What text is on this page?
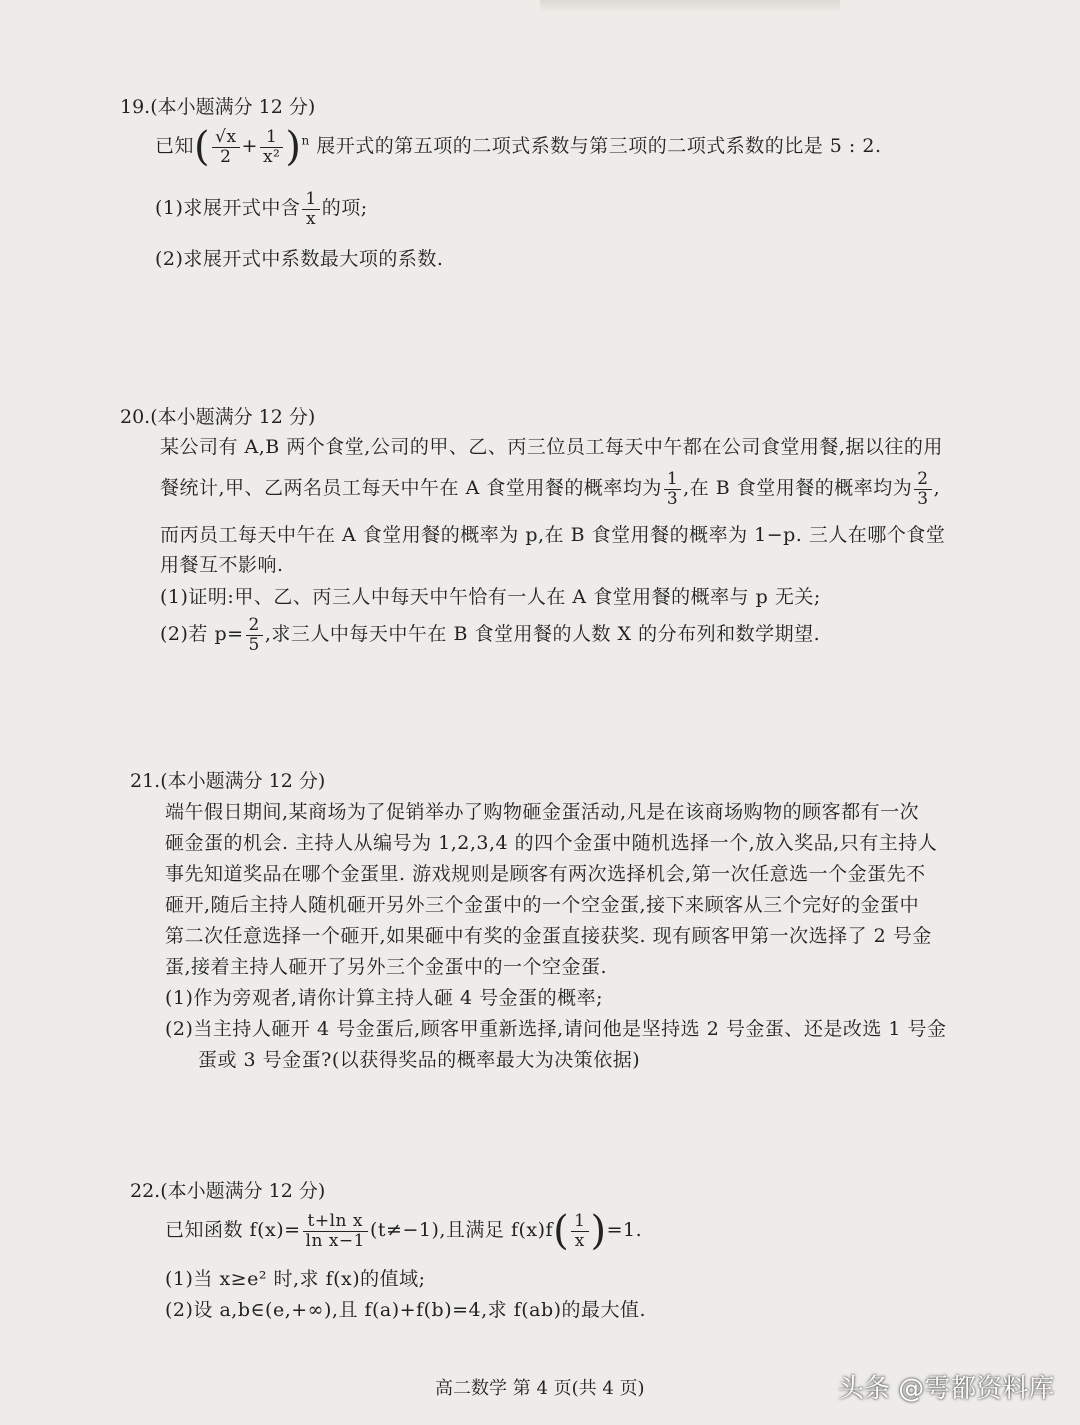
19.(本小题满分 12 分)
已知( $\frac{√x}{2} + \frac{1}{\text{x²}} )^n$ 展开式的第五项的二项式系数与第三项的二项式系数的比是 5 : 2.
(1)求展开式中含 $\frac{1}{x}$ 的项;
(2)求展开式中系数最大项的系数.
20.(本小题满分 12 分)
某公司有 A,B 两个食堂,公司的甲、乙、丙三位员工每天中午都在公司食堂用餐,据以往的用
餐统计,甲、乙两名员工每天中午在 A 食堂用餐的概率均为 $\frac{1}{3}$ ,在 B 食堂用餐的概率均为 $\frac{2}{3}$ ,
而丙员工每天中午在 A 食堂用餐的概率为 p,在 B 食堂用餐的概率为 1−p. 三人在哪个食堂
用餐互不影响.
(1)证明:甲、乙、丙三人中每天中午恰有一人在 A 食堂用餐的概率与 p 无关;
(2)若 $p= \frac{2}{5}$ ,求三人中每天中午在 B 食堂用餐的人数 X 的分布列和数学期望.
21.(本小题满分 12 分)
端午假日期间,某商场为了促销举办了购物砸金蛋活动,凡是在该商场购物的顾客都有一次
砸金蛋的机会. 主持人从编号为 1,2,3,4 的四个金蛋中随机选择一个,放入奖品,只有主持人
事先知道奖品在哪个金蛋里. 游戏规则是顾客有两次选择机会,第一次任意选一个金蛋先不
砸开,随后主持人随机砸开另外三个金蛋中的一个空金蛋,接下来顾客从三个完好的金蛋中
第二次任意选择一个砸开,如果砸中有奖的金蛋直接获奖. 现有顾客甲第一次选择了 2 号金
蛋,接着主持人砸开了另外三个金蛋中的一个空金蛋.
(1)作为旁观者,请你计算主持人砸 4 号金蛋的概率;
(2)当主持人砸开 4 号金蛋后,顾客甲重新选择,请问他是坚持选 2 号金蛋、还是改选 1 号金
蛋或 3 号金蛋?(以获得奖品的概率最大为决策依据)
22.(本小题满分 12 分)
已知函数 $f(x)= \frac{\text{t+ln x}}{\text{ln x−1}} (t\ne-1)$,且满足 $f(x)f( \frac{1}{x} )=1$.
(1)当 x≥e² 时,求 f(x)的值域;
(2)设 a,b∈(e,+∞),且 f(a)+f(b)=4,求 f(ab)的最大值.
高二数学 第 4 页(共 4 页)	头条 @雩都资料库
